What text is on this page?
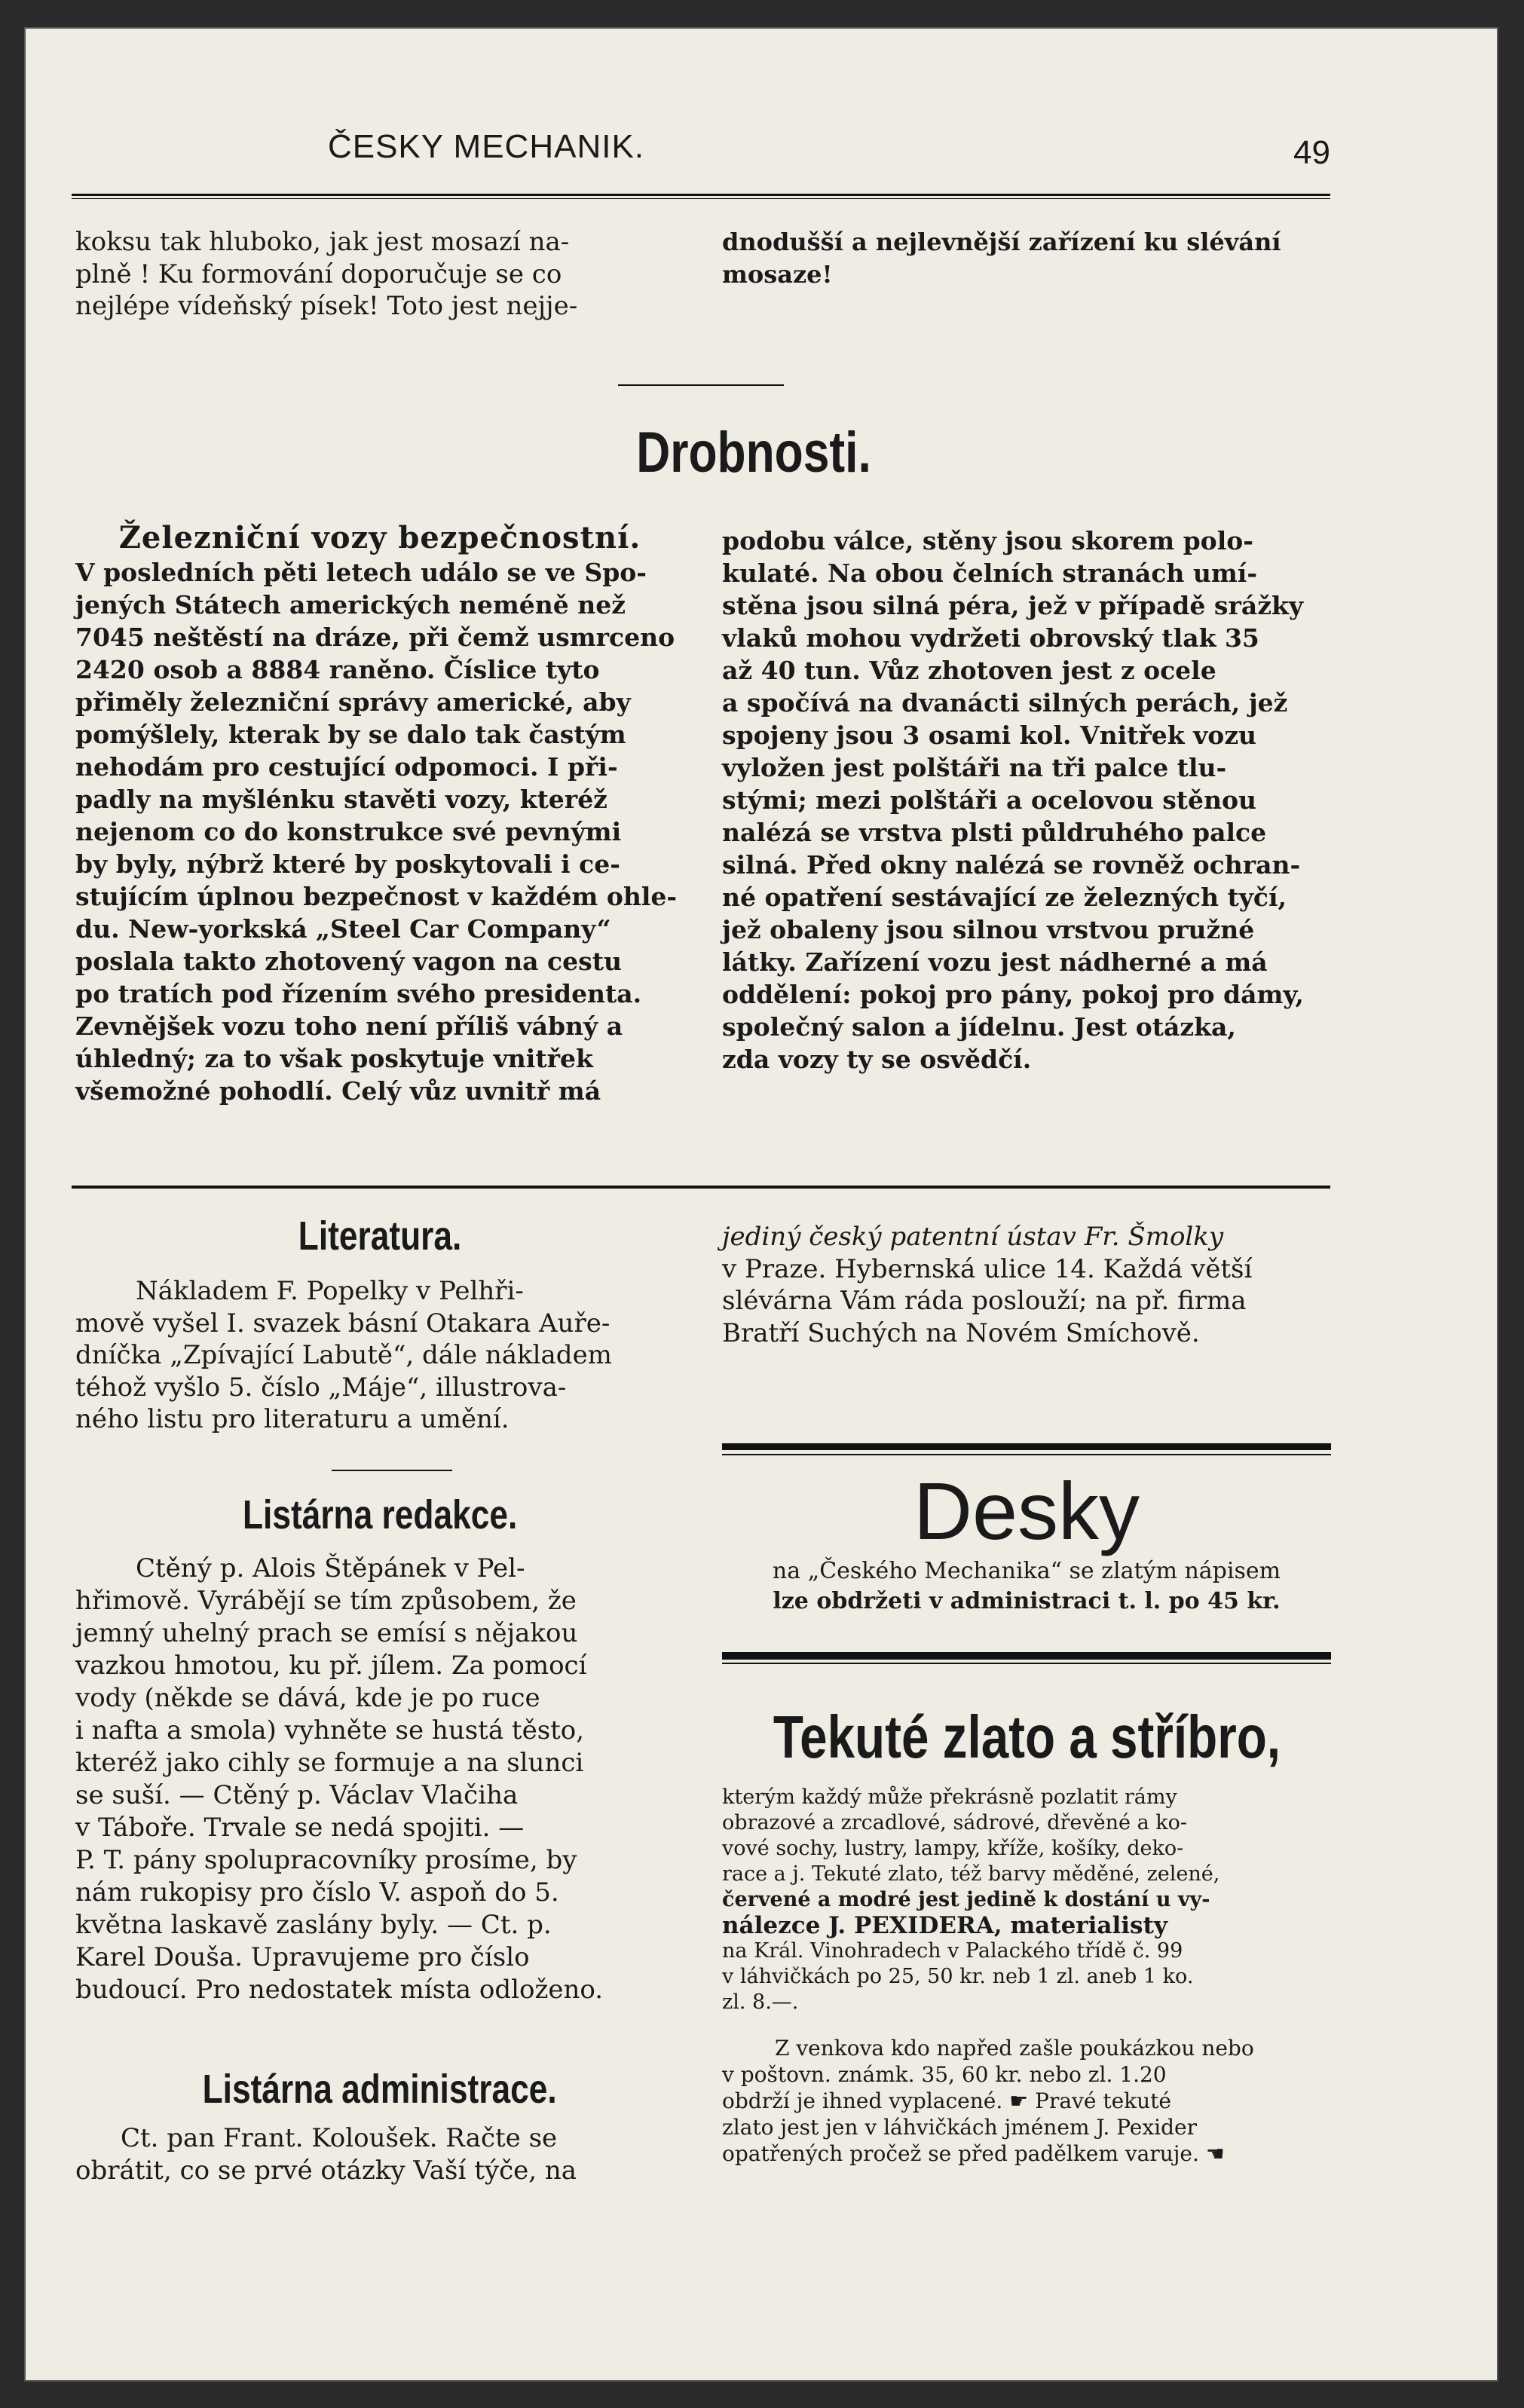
ČESKY MECHANIK.	49
koksu tak hluboko, jak jest mosazí na-
plně ! Ku formování doporučuje se co
nejlépe vídeňský písek! Toto jest nejje-
dnodušší a nejlevnější zařízení ku slévání
mosaze!
Drobnosti.
Železniční vozy bezpečnostní.
V posledních pěti letech událo se ve Spo-
jených Státech amerických neméně než
7045 neštěstí na dráze, při čemž usmrceno
2420 osob a 8884 raněno. Číslice tyto
přiměly železniční správy americké, aby
pomýšlely, kterak by se dalo tak častým
nehodám pro cestující odpomoci. I při-
padly na myšlénku stavěti vozy, kteréž
nejenom co do konstrukce své pevnými
by byly, nýbrž které by poskytovali i ce-
stujícím úplnou bezpečnost v každém ohle-
du. New-yorkská „Steel Car Company“
poslala takto zhotovený vagon na cestu
po tratích pod řízením svého presidenta.
Zevnějšek vozu toho není příliš vábný a
úhledný; za to však poskytuje vnitřek
všemožné pohodlí. Celý vůz uvnitř má
podobu válce, stěny jsou skorem polo-
kulaté. Na obou čelních stranách umí-
stěna jsou silná péra, jež v případě srážky
vlaků mohou vydržeti obrovský tlak 35
až 40 tun. Vůz zhotoven jest z ocele
a spočívá na dvanácti silných perách, jež
spojeny jsou 3 osami kol. Vnitřek vozu
vyložen jest polštáři na tři palce tlu-
stými; mezi polštáři a ocelovou stěnou
nalézá se vrstva plsti půldruhého palce
silná. Před okny nalézá se rovněž ochran-
né opatření sestávající ze železných tyčí,
jež obaleny jsou silnou vrstvou pružné
látky. Zařízení vozu jest nádherné a má
oddělení: pokoj pro pány, pokoj pro dámy,
společný salon a jídelnu. Jest otázka,
zda vozy ty se osvědčí.
Literatura.
Nákladem F. Popelky v Pelhři-
mově vyšel I. svazek básní Otakara Auře-
dníčka „Zpívající Labutě“, dále nákladem
téhož vyšlo 5. číslo „Máje“, illustrova-
ného listu pro literaturu a umění.
Listárna redakce.
Ctěný p. Alois Štěpánek v Pel-
hřimově. Vyrábějí se tím způsobem, že
jemný uhelný prach se emísí s nějakou
vazkou hmotou, ku př. jílem. Za pomocí
vody (někde se dává, kde je po ruce
i nafta a smola) vyhněte se hustá těsto,
kteréž jako cihly se formuje a na slunci
se suší. — Ctěný p. Václav Vlačiha
v Táboře. Trvale se nedá spojiti. —
P. T. pány spolupracovníky prosíme, by
nám rukopisy pro číslo V. aspoň do 5.
května laskavě zaslány byly. — Ct. p.
Karel Douša. Upravujeme pro číslo
budoucí. Pro nedostatek místa odloženo.
Listárna administrace.
Ct. pan Frant. Koloušek. Račte se
obrátit, co se prvé otázky Vaší týče, na
jediný český patentní ústav Fr. Šmolky
v Praze. Hybernská ulice 14. Každá větší
slévárna Vám ráda poslouží; na př. firma
Bratří Suchých na Novém Smíchově.
Desky
na „Českého Mechanika“ se zlatým nápisem
lze obdržeti v administraci t. l. po 45 kr.
Tekuté zlato a stříbro,
kterým každý může překrásně pozlatit rámy
obrazové a zrcadlové, sádrové, dřevěné a ko-
vové sochy, lustry, lampy, kříže, košíky, deko-
race a j. Tekuté zlato, též barvy měděné, zelené,
červené a modré jest jedině k dostání u vy-
nálezce J. PEXIDERA, materialisty
na Král. Vinohradech v Palackého třídě č. 99
v láhvičkách po 25, 50 kr. neb 1 zl. aneb 1 ko.
zl. 8.—.
Z venkova kdo napřed zašle poukázkou nebo
v poštovn. známk. 35, 60 kr. nebo zl. 1.20
obdrží je ihned vyplacené. ☛ Pravé tekuté
zlato jest jen v láhvičkách jménem J. Pexider
opatřených pročež se před padělkem varuje. ☚
